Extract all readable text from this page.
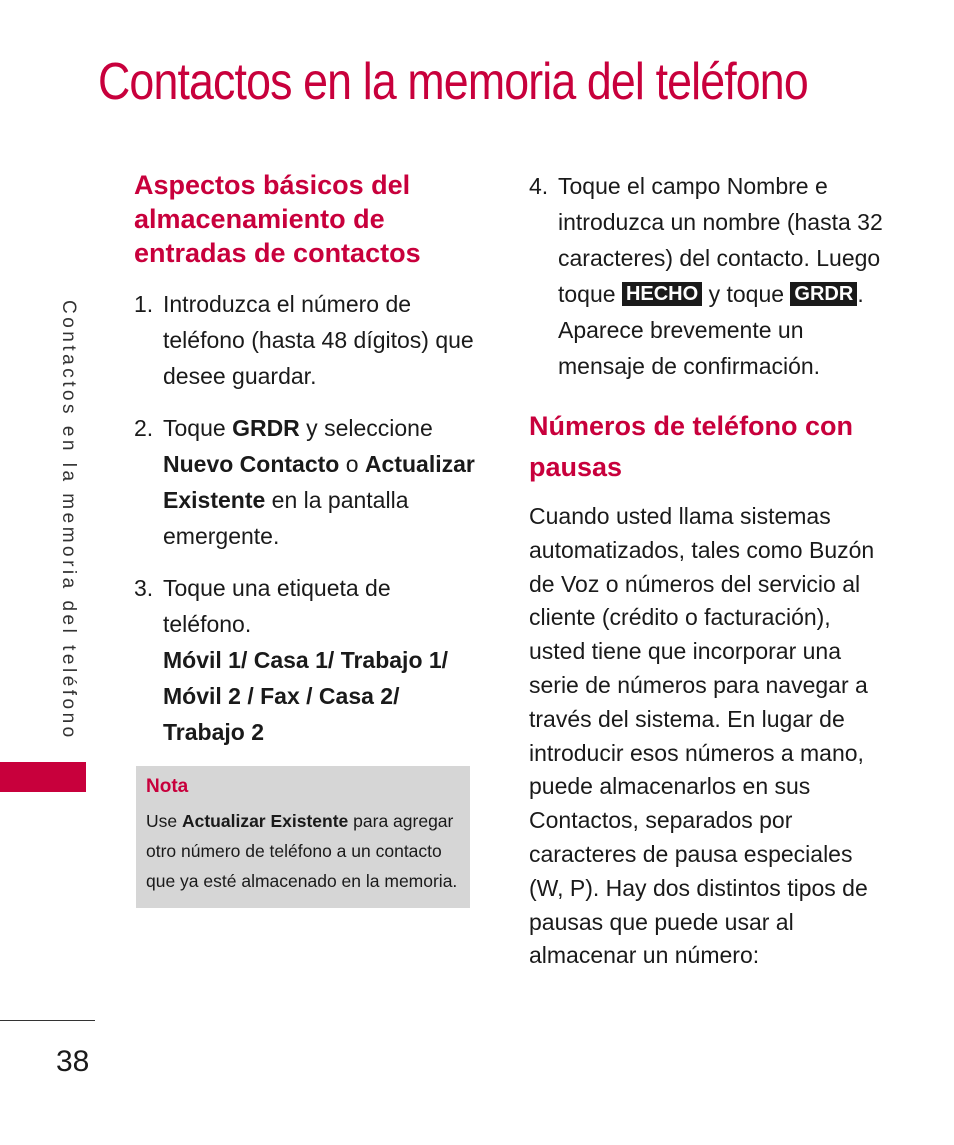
Contactos en la memoria del teléfono
Contactos en la memoria del teléfono
Aspectos básicos del almacenamiento de entradas de contactos
1. Introduzca el número de teléfono (hasta 48 dígitos) que desee guardar.
2. Toque GRDR y seleccione Nuevo Contacto o Actualizar Existente en la pantalla emergente.
3. Toque una etiqueta de teléfono.
Móvil 1/ Casa 1/ Trabajo 1/ Móvil 2 / Fax / Casa 2/ Trabajo 2
Nota
Use Actualizar Existente para agregar otro número de teléfono a un contacto que ya esté almacenado en la memoria.
4. Toque el campo Nombre e introduzca un nombre (hasta 32 caracteres) del contacto. Luego toque HECHO y toque GRDR . Aparece brevemente un mensaje de confirmación.
Números de teléfono con pausas

Cuando usted llama sistemas automatizados, tales como Buzón de Voz o números del servicio al cliente (crédito o facturación), usted tiene que incorporar una serie de números para navegar a través del sistema. En lugar de introducir esos números a mano, puede almacenarlos en sus Contactos, separados por caracteres de pausa especiales (W, P). Hay dos distintos tipos de pausas que puede usar al almacenar un número:

38
